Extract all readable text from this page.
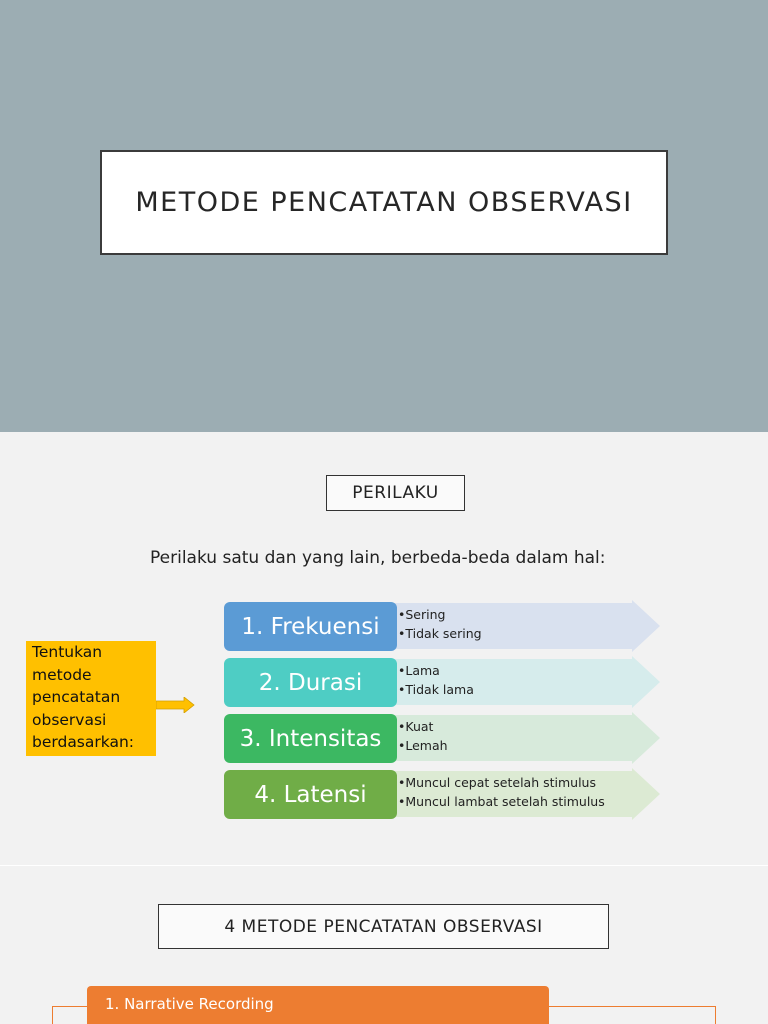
METODE PENCATATAN OBSERVASI
PERILAKU
Perilaku satu dan yang lain, berbeda-beda dalam hal:
Tentukan
metode
pencatatan
observasi
berdasarkan:
1. Frekuensi	• Sering
• Tidak sering
2. Durasi	• Lama
• Tidak lama
3. Intensitas	• Kuat
• Lemah
4. Latensi	• Muncul cepat setelah stimulus
• Muncul lambat setelah stimulus
4 METODE PENCATATAN OBSERVASI
1. Narrative Recording
